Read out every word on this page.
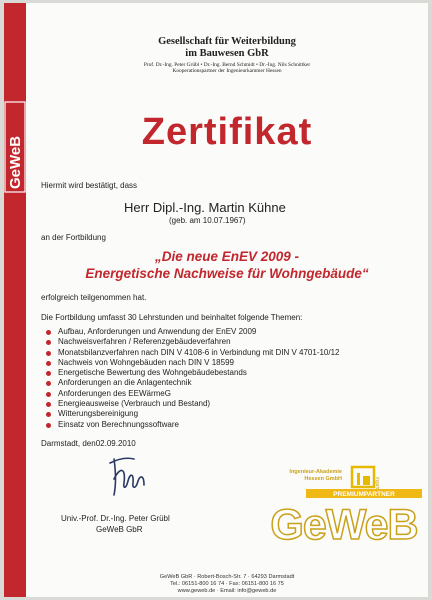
GeWeB
Gesellschaft für Weiterbildung
im Bauwesen GbR
Prof. Dr.-Ing. Peter Grübl • Dr.-Ing. Bernd Schmidt • Dr.-Ing. Nils Schnittker
Kooperationspartner der Ingenieurkammer Hessen
Zertifikat
Hiermit wird bestätigt, dass
Herr Dipl.-Ing. Martin Kühne
(geb. am 10.07.1967)
an der Fortbildung
„Die neue EnEV 2009 -
Energetische Nachweise für Wohngebäude“
erfolgreich teilgenommen hat.
Die Fortbildung umfasst 30 Lehrstunden und beinhaltet folgende Themen:
Aufbau, Anforderungen und Anwendung der EnEV 2009
Nachweisverfahren / Referenzgebäudeverfahren
Monatsbilanzverfahren nach DIN V 4108-6 in Verbindung mit DIN V 4701-10/12
Nachweis von Wohngebäuden nach DIN V 18599
Energetische Bewertung des Wohngebäudebestands
Anforderungen an die Anlagentechnik
Anforderungen des EEWärmeG
Energieausweise (Verbrauch und Bestand)
Witterungsbereinigung
Einsatz von Berechnungssoftware
Darmstadt, den02.09.2010
Univ.-Prof. Dr.-Ing. Peter Grübl
GeWeB GbR
Ingenieur-Akademie
Hessen GmbH	ingah
PREMIUMPARTNER
GeWeB
GeWeB GbR · Robert-Bosch-Str. 7 · 64293 Darmstadt
Tel.: 06151-800 16 74 · Fax: 06151-800 16 75
www.geweb.de · Email: info@geweb.de
